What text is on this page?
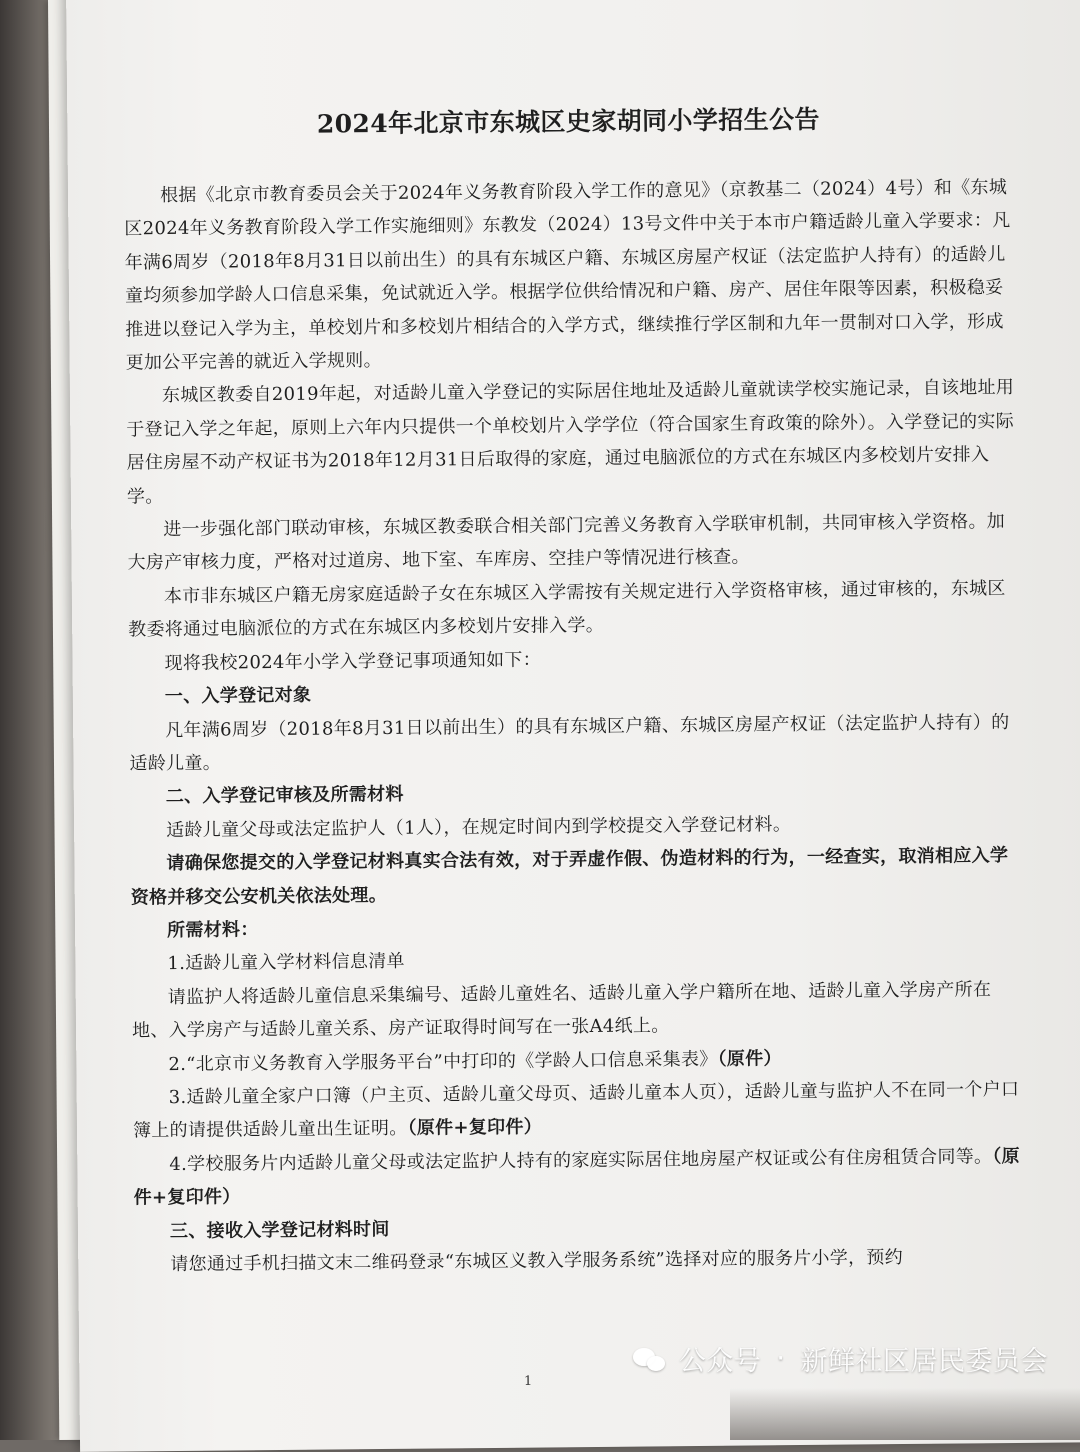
2024年北京市东城区史家胡同小学招生公告

根据《北京市教育委员会关于2024年义务教育阶段入学工作的意见》（京教基二（2024）4号）和《东城区2024年义务教育阶段入学工作实施细则》东教发（2024）13号文件中关于本市户籍适龄儿童入学要求：凡年满6周岁（2018年8月31日以前出生）的具有东城区户籍、东城区房屋产权证（法定监护人持有）的适龄儿童均须参加学龄人口信息采集，免试就近入学。根据学位供给情况和户籍、房产、居住年限等因素，积极稳妥推进以登记入学为主，单校划片和多校划片相结合的入学方式，继续推行学区制和九年一贯制对口入学，形成更加公平完善的就近入学规则。

东城区教委自2019年起，对适龄儿童入学登记的实际居住地址及适龄儿童就读学校实施记录，自该地址用于登记入学之年起，原则上六年内只提供一个单校划片入学学位（符合国家生育政策的除外）。入学登记的实际居住房屋不动产权证书为2018年12月31日后取得的家庭，通过电脑派位的方式在东城区内多校划片安排入学。

进一步强化部门联动审核，东城区教委联合相关部门完善义务教育入学联审机制，共同审核入学资格。加大房产审核力度，严格对过道房、地下室、车库房、空挂户等情况进行核查。

本市非东城区户籍无房家庭适龄子女在东城区入学需按有关规定进行入学资格审核，通过审核的，东城区教委将通过电脑派位的方式在东城区内多校划片安排入学。

现将我校2024年小学入学登记事项通知如下：

一、入学登记对象

凡年满6周岁（2018年8月31日以前出生）的具有东城区户籍、东城区房屋产权证（法定监护人持有）的适龄儿童。

二、入学登记审核及所需材料

适龄儿童父母或法定监护人（1人），在规定时间内到学校提交入学登记材料。

请确保您提交的入学登记材料真实合法有效，对于弄虚作假、伪造材料的行为，一经查实，取消相应入学资格并移交公安机关依法处理。

所需材料：

1.适龄儿童入学材料信息清单

请监护人将适龄儿童信息采集编号、适龄儿童姓名、适龄儿童入学户籍所在地、适龄儿童入学房产所在地、入学房产与适龄儿童关系、房产证取得时间写在一张A4纸上。

2.“北京市义务教育入学服务平台”中打印的《学龄人口信息采集表》（原件）

3.适龄儿童全家户口簿（户主页、适龄儿童父母页、适龄儿童本人页），适龄儿童与监护人不在同一个户口簿上的请提供适龄儿童出生证明。（原件+复印件）

4.学校服务片内适龄儿童父母或法定监护人持有的家庭实际居住地房屋产权证或公有住房租赁合同等。（原件+复印件）

三、接收入学登记材料时间

请您通过手机扫描文末二维码登录“东城区义教入学服务系统”选择对应的服务片小学，预约

1	公众号 · 新鲜社区居民委员会
